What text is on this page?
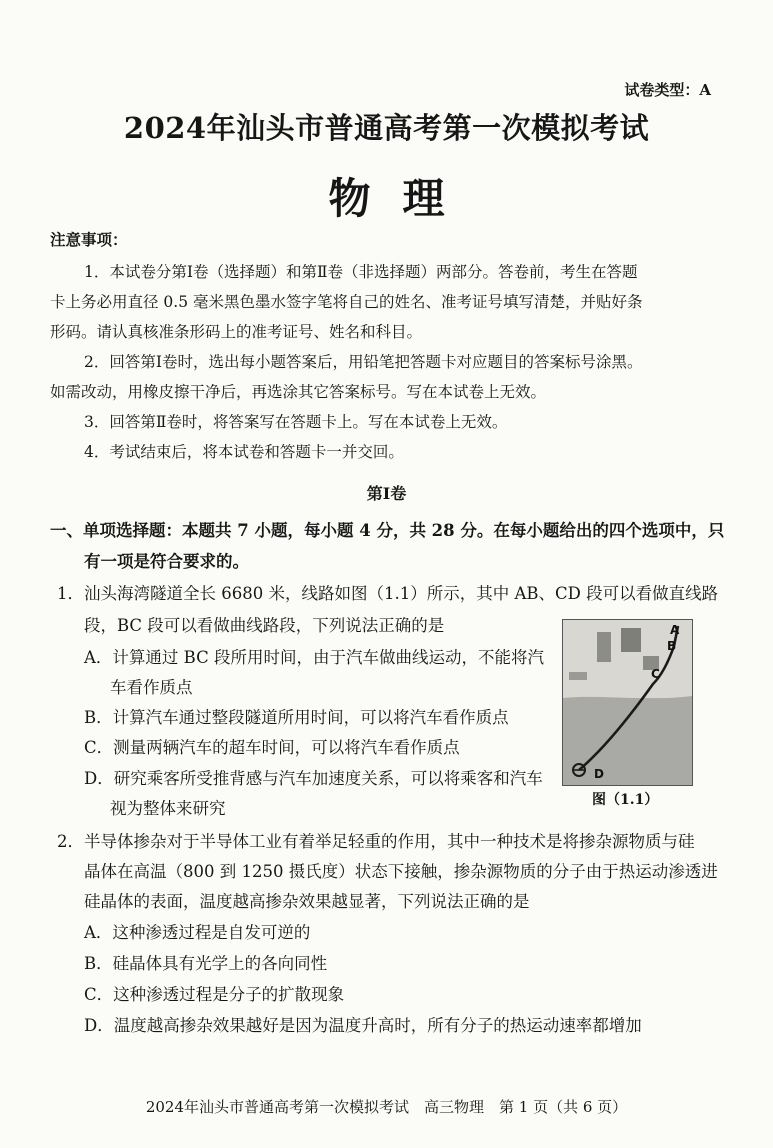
试卷类型：A
2024年汕头市普通高考第一次模拟考试
物理
注意事项：
1．本试卷分第Ⅰ卷（选择题）和第Ⅱ卷（非选择题）两部分。答卷前，考生在答题
卡上务必用直径 0.5 毫米黑色墨水签字笔将自己的姓名、准考证号填写清楚，并贴好条
形码。请认真核准条形码上的准考证号、姓名和科目。
2．回答第Ⅰ卷时，选出每小题答案后，用铅笔把答题卡对应题目的答案标号涂黑。
如需改动，用橡皮擦干净后，再选涂其它答案标号。写在本试卷上无效。
3．回答第Ⅱ卷时，将答案写在答题卡上。写在本试卷上无效。
4．考试结束后，将本试卷和答题卡一并交回。
第Ⅰ卷
一、单项选择题：本题共 7 小题，每小题 4 分，共 28 分。在每小题给出的四个选项中，只
有一项是符合要求的。
1．汕头海湾隧道全长 6680 米，线路如图（1.1）所示，其中 AB、CD 段可以看做直线路
段，BC 段可以看做曲线路段，下列说法正确的是
A．计算通过 BC 段所用时间，由于汽车做曲线运动，不能将汽
车看作质点
B．计算汽车通过整段隧道所用时间，可以将汽车看作质点
C．测量两辆汽车的超车时间，可以将汽车看作质点
D．研究乘客所受推背感与汽车加速度关系，可以将乘客和汽车
视为整体来研究
A
B
C
D
图（1.1）
2．半导体掺杂对于半导体工业有着举足轻重的作用，其中一种技术是将掺杂源物质与硅
晶体在高温（800 到 1250 摄氏度）状态下接触，掺杂源物质的分子由于热运动渗透进
硅晶体的表面，温度越高掺杂效果越显著，下列说法正确的是
A．这种渗透过程是自发可逆的
B．硅晶体具有光学上的各向同性
C．这种渗透过程是分子的扩散现象
D．温度越高掺杂效果越好是因为温度升高时，所有分子的热运动速率都增加
2024年汕头市普通高考第一次模拟考试　高三物理　第 1 页（共 6 页）
